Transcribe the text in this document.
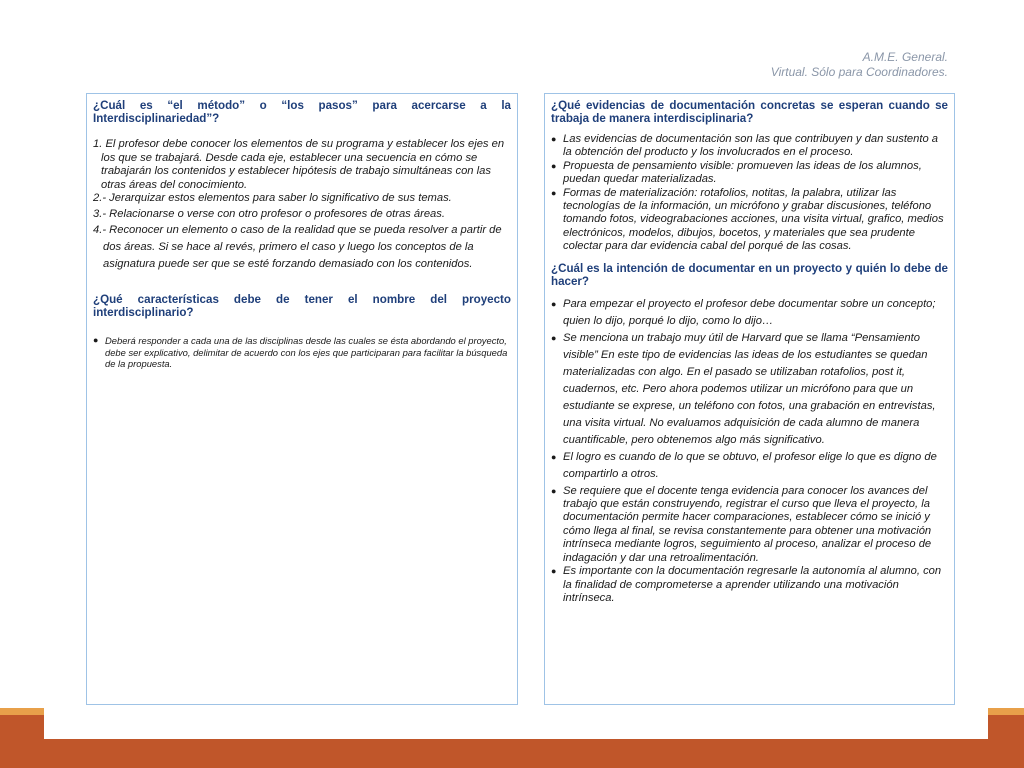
A.M.E. General.
Virtual. Sólo para Coordinadores.

¿Cuál es “el método” o “los pasos” para acercarse a la Interdisciplinariedad”?

1. El profesor debe conocer los elementos de su programa y establecer los ejes en los que se trabajará. Desde cada eje, establecer una secuencia en cómo se trabajarán los contenidos y establecer hipótesis de trabajo simultáneas con las otras áreas del conocimiento.

2.- Jerarquizar estos elementos para saber lo significativo de sus temas.

3.- Relacionarse o verse con otro profesor o profesores de otras áreas.

4.- Reconocer un elemento o caso de la realidad que se pueda resolver a partir de dos áreas. Si se hace al revés, primero el caso y luego los conceptos de la asignatura puede ser que se esté forzando demasiado con los contenidos.

¿Qué características debe de tener el nombre del proyecto interdisciplinario?

● Deberá responder a cada una de las disciplinas desde las cuales se ésta abordando el proyecto, debe ser explicativo, delimitar de acuerdo con los ejes que participaran para facilitar la búsqueda de la propuesta.

¿Qué evidencias de documentación concretas se esperan cuando se trabaja de manera interdisciplinaria?

● Las evidencias de documentación son las que contribuyen y dan sustento a la obtención del producto y los involucrados en el proceso.
● Propuesta de pensamiento visible: promueven las ideas de los alumnos, puedan quedar materializadas.
● Formas de materialización: rotafolios, notitas, la palabra, utilizar las tecnologías de la información, un micrófono y grabar discusiones, teléfono tomando fotos, videograbaciones acciones, una visita virtual, grafico, medios electrónicos, modelos, dibujos, bocetos, y materiales que sea prudente colectar para dar evidencia cabal del porqué de las cosas.

¿Cuál es la intención de documentar en un proyecto y quién lo debe de hacer?

● Para empezar el proyecto el profesor debe documentar sobre un concepto; quien lo dijo, porqué lo dijo, como lo dijo…
● Se menciona un trabajo muy útil de Harvard que se llama “Pensamiento visible” En este tipo de evidencias las ideas de los estudiantes se quedan materializadas con algo. En el pasado se utilizaban rotafolios, post it, cuadernos, etc. Pero ahora podemos utilizar un micrófono para que un estudiante se exprese, un teléfono con fotos, una grabación en entrevistas, una visita virtual. No evaluamos adquisición de cada alumno de manera cuantificable, pero obtenemos algo más significativo.
● El logro es cuando de lo que se obtuvo, el profesor elige lo que es digno de compartirlo a otros.
● Se requiere que el docente tenga evidencia para conocer los avances del trabajo que están construyendo, registrar el curso que lleva el proyecto, la documentación permite hacer comparaciones, establecer cómo se inició y cómo llega al final, se revisa constantemente para obtener una motivación intrínseca mediante logros, seguimiento al proceso, analizar el proceso de indagación y dar una retroalimentación.
● Es importante con la documentación regresarle la autonomía al alumno, con la finalidad de comprometerse a aprender utilizando una motivación intrínseca.
